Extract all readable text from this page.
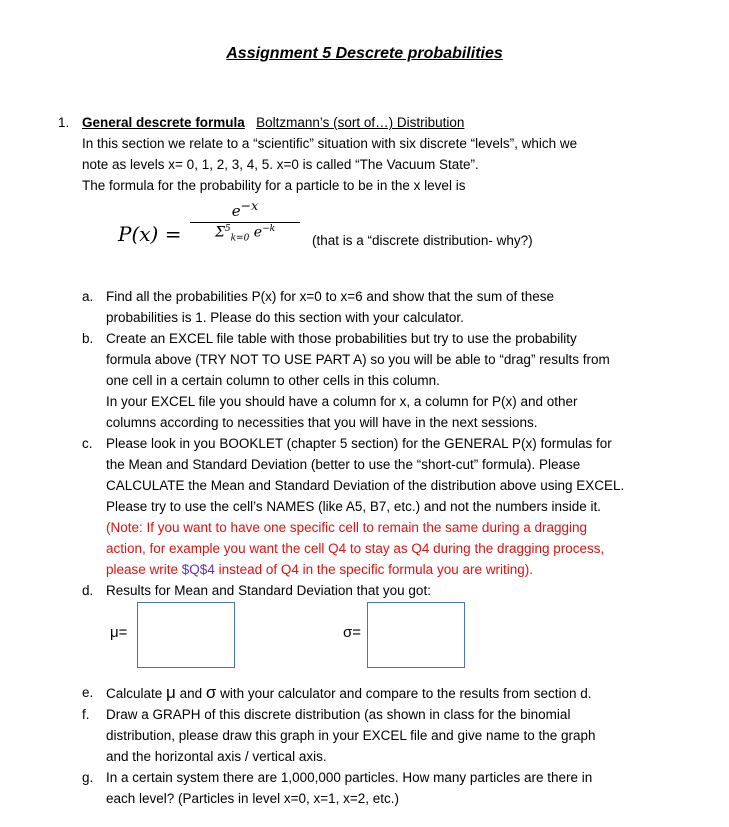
Assignment 5 Descrete probabilities
1. General descrete formula Boltzmann’s (sort of…) Distribution
In this section we relate to a “scientific” situation with six discrete “levels”, which we
note as levels x= 0, 1, 2, 3, 4, 5. x=0 is called “The Vacuum State”.
The formula for the probability for a particle to be in the x level is
P(x) =
$e^{-x}$
$\Sigma^5_{k=0}$ $e^{-k}$
(that is a “discrete distribution- why?)
a. Find all the probabilities P(x) for x=0 to x=6 and show that the sum of these
probabilities is 1. Please do this section with your calculator.
b. Create an EXCEL file table with those probabilities but try to use the probability
formula above (TRY NOT TO USE PART A) so you will be able to “drag” results from
one cell in a certain column to other cells in this column.
In your EXCEL file you should have a column for x, a column for P(x) and other
columns according to necessities that you will have in the next sessions.
c. Please look in you BOOKLET (chapter 5 section) for the GENERAL P(x) formulas for
the Mean and Standard Deviation (better to use the “short-cut” formula). Please
CALCULATE the Mean and Standard Deviation of the distribution above using EXCEL.
Please try to use the cell’s NAMES (like A5, B7, etc.) and not the numbers inside it.
(Note: If you want to have one specific cell to remain the same during a dragging
action, for example you want the cell Q4 to stay as Q4 during the dragging process,
please write $Q$4 instead of Q4 in the specific formula you are writing).
d. Results for Mean and Standard Deviation that you got:
μ=	σ=
e. Calculate μ and σ with your calculator and compare to the results from section d.
f.	Draw a GRAPH of this discrete distribution (as shown in class for the binomial
distribution, please draw this graph in your EXCEL file and give name to the graph
and the horizontal axis / vertical axis.
g. In a certain system there are 1,000,000 particles. How many particles are there in
each level? (Particles in level x=0, x=1, x=2, etc.)
